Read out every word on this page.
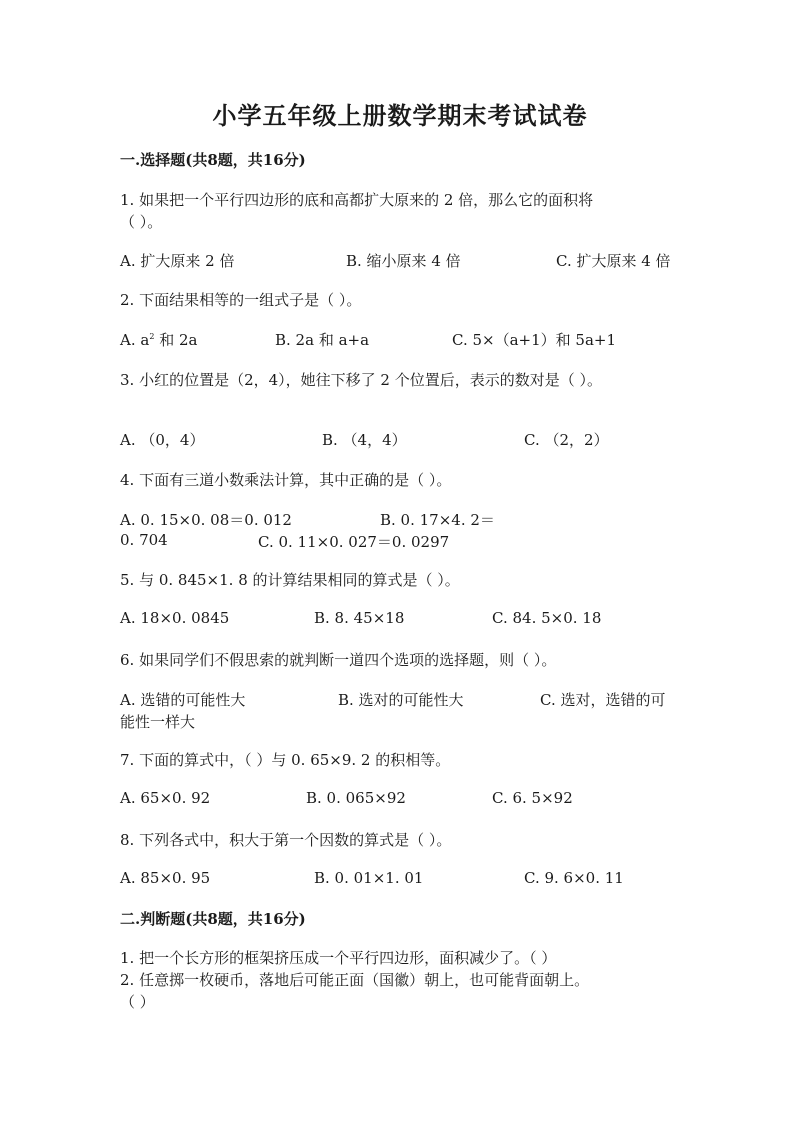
小学五年级上册数学期末考试试卷
一.选择题(共8题，共16分)
1. 如果把一个平行四边形的底和高都扩大原来的 2 倍，那么它的面积将
（ ）。
A. 扩大原来 2 倍	B. 缩小原来 4 倍	C. 扩大原来 4 倍
2. 下面结果相等的一组式子是（ ）。
A. $a^2$ 和 2a	B. 2a 和 a+a	C. 5×（a+1）和 5a+1
3. 小红的位置是（2，4），她往下移了 2 个位置后，表示的数对是（ ）。
A. （0，4）	B. （4，4）	C. （2，2）
4. 下面有三道小数乘法计算，其中正确的是（ ）。
A. 0. 15×0. 08＝0. 012	B. 0. 17×4. 2＝
0. 704	C. 0. 11×0. 027＝0. 0297
5. 与 0. 845×1. 8 的计算结果相同的算式是（ ）。
A. 18×0. 0845	B. 8. 45×18	C. 84. 5×0. 18
6. 如果同学们不假思索的就判断一道四个选项的选择题，则（ ）。
A. 选错的可能性大	B. 选对的可能性大	C. 选对，选错的可
能性一样大
7. 下面的算式中，（ ）与 0. 65×9. 2 的积相等。
A. 65×0. 92	B. 0. 065×92	C. 6. 5×92
8. 下列各式中，积大于第一个因数的算式是（ ）。
A. 85×0. 95	B. 0. 01×1. 01	C. 9. 6×0. 11
二.判断题(共8题，共16分)
1. 把一个长方形的框架挤压成一个平行四边形，面积减少了。（ ）
2. 任意掷一枚硬币，落地后可能正面（国徽）朝上，也可能背面朝上。
（ ）
